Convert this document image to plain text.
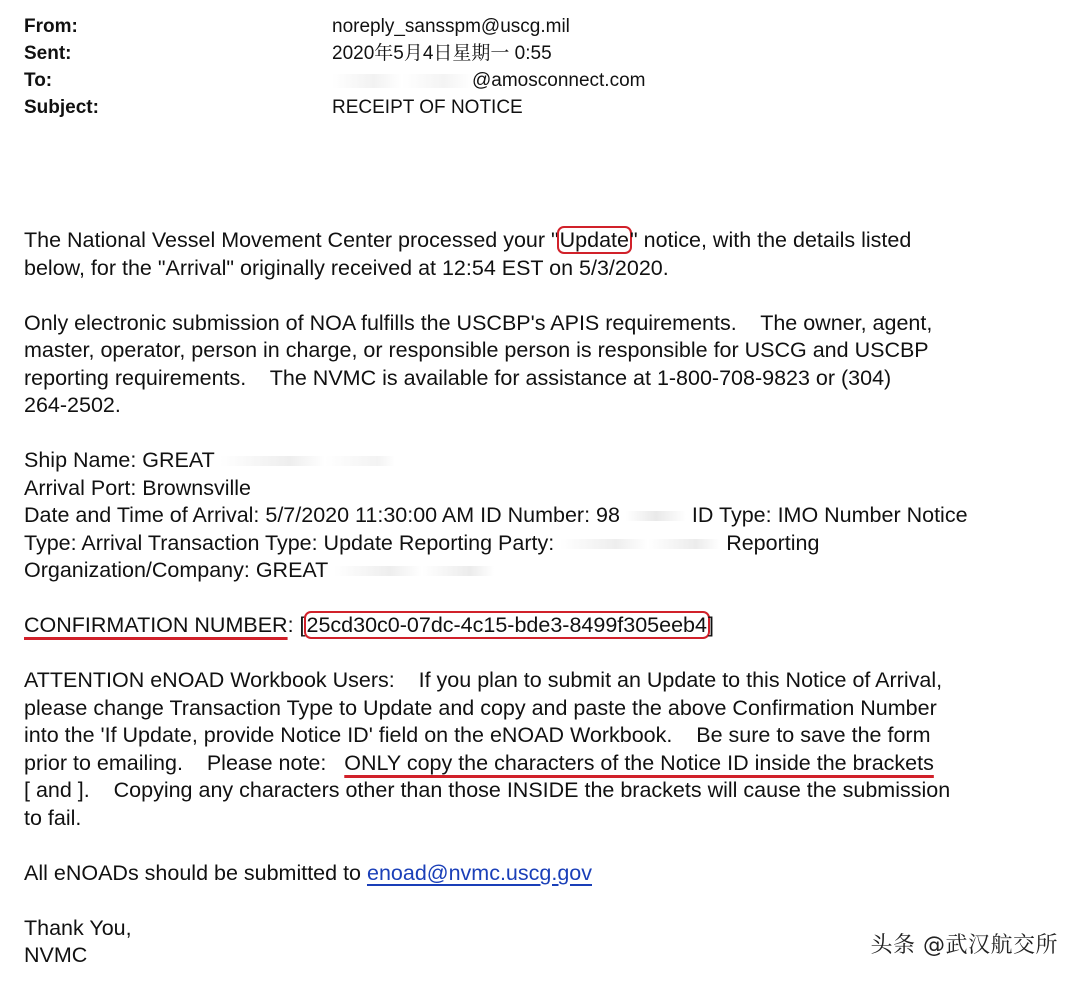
From:	noreply_sansspm@uscg.mil
Sent:	2020年5月4日星期一 0:55
To:	@amosconnect.com
Subject:	RECEIPT OF NOTICE
The National Vessel Movement Center processed your "Update" notice, with the details listed
below, for the "Arrival" originally received at 12:54 EST on 5/3/2020.
Only electronic submission of NOA fulfills the USCBP's APIS requirements.    The owner, agent,
master, operator, person in charge, or responsible person is responsible for USCG and USCBP
reporting requirements.    The NVMC is available for assistance at 1-800-708-9823 or (304)
264-2502.
Ship Name: GREAT
Arrival Port: Brownsville
Date and Time of Arrival: 5/7/2020 11:30:00 AM ID Number: 98	ID Type: IMO Number Notice
Type: Arrival Transaction Type: Update Reporting Party:	Reporting
Organization/Company: GREAT
CONFIRMATION NUMBER: [25cd30c0-07dc-4c15-bde3-8499f305eeb4]
ATTENTION eNOAD Workbook Users:    If you plan to submit an Update to this Notice of Arrival,
please change Transaction Type to Update and copy and paste the above Confirmation Number
into the 'If Update, provide Notice ID' field on the eNOAD Workbook.    Be sure to save the form
prior to emailing.    Please note:   ONLY copy the characters of the Notice ID inside the brackets
[ and ].    Copying any characters other than those INSIDE the brackets will cause the submission
to fail.
All eNOADs should be submitted to enoad@nvmc.uscg.gov
Thank You,
NVMC	头条 @武汉航交所
